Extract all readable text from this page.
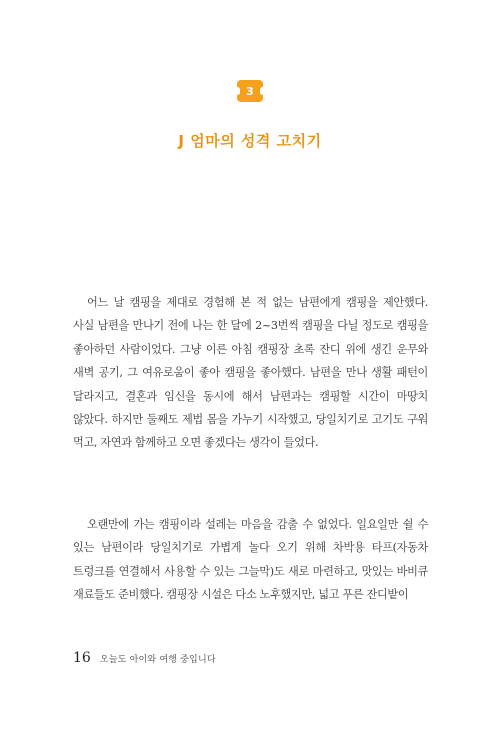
3
J 엄마의 성격 고치기

어느 날 캠핑을 제대로 경험해 본 적 없는 남편에게 캠핑을 제안했다. 사실 남편을 만나기 전에 나는 한 달에 2~3번씩 캠핑을 다닐 정도로 캠핑을 좋아하던 사람이었다. 그냥 이른 아침 캠핑장 초록 잔디 위에 생긴 운무와 새벽 공기, 그 여유로움이 좋아 캠핑을 좋아했다. 남편을 만나 생활 패턴이 달라지고, 결혼과 임신을 동시에 해서 남편과는 캠핑할 시간이 마땅치 않았다. 하지만 둘째도 제법 몸을 가누기 시작했고, 당일치기로 고기도 구워 먹고, 자연과 함께하고 오면 좋겠다는 생각이 들었다.

오랜만에 가는 캠핑이라 설레는 마음을 감출 수 없었다. 일요일만 쉴 수 있는 남편이라 당일치기로 가볍게 놀다 오기 위해 차박용 타프(자동차 트렁크를 연결해서 사용할 수 있는 그늘막)도 새로 마련하고, 맛있는 바비큐 재료들도 준비했다. 캠핑장 시설은 다소 노후했지만, 넓고 푸른 잔디밭이

16 오늘도 아이와 여행 중입니다
